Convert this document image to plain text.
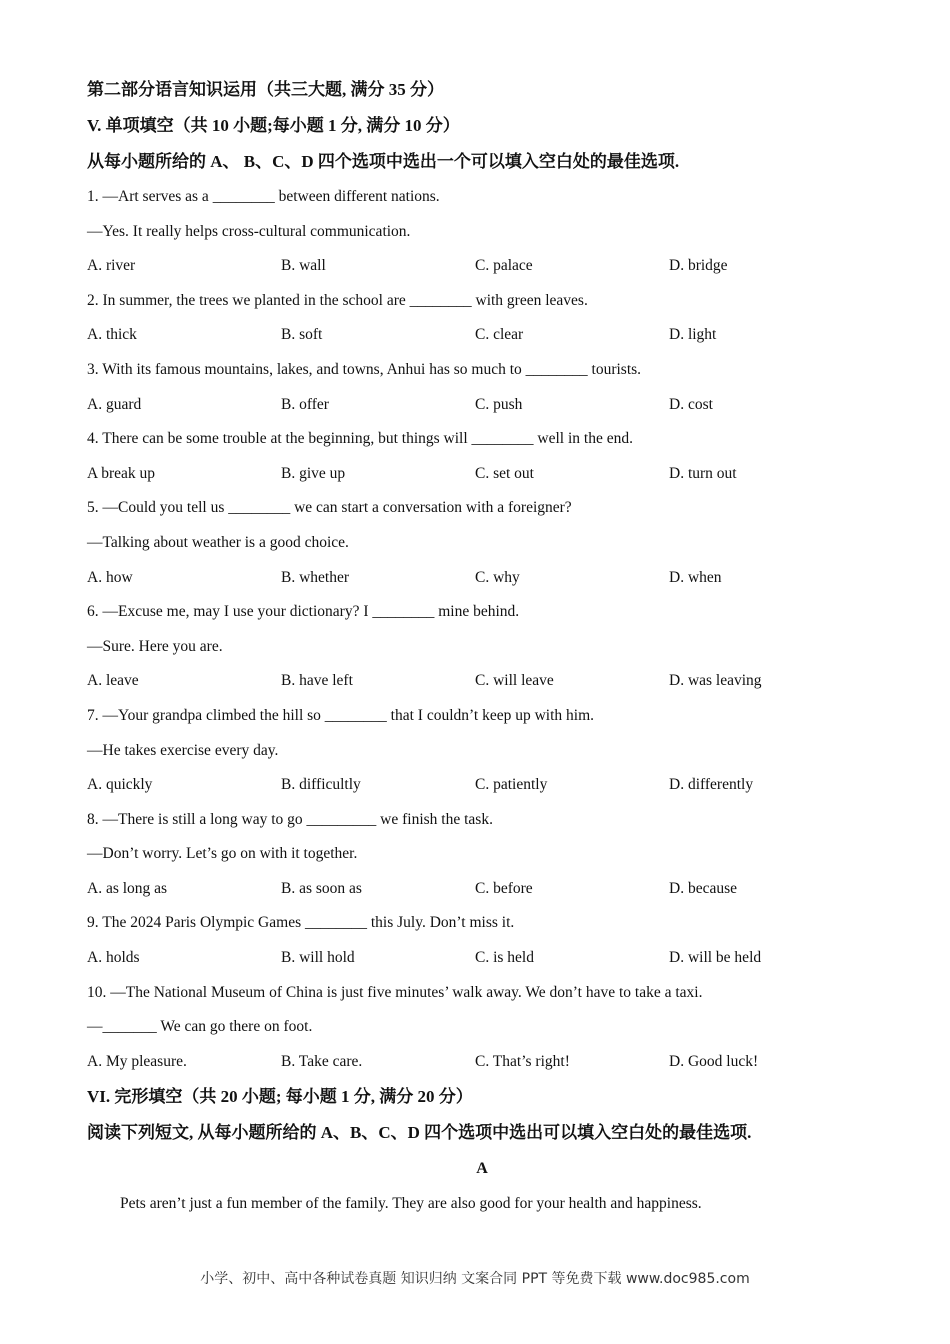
第二部分语言知识运用（共三大题, 满分 35 分）
V. 单项填空（共 10 小题;每小题 1 分, 满分 10 分）
从每小题所给的 A、 B、C、D 四个选项中选出一个可以填入空白处的最佳选项.
1. —Art serves as a ________ between different nations.
—Yes. It really helps cross-cultural communication.
A. river	B. wall	C. palace	D. bridge
2. In summer, the trees we planted in the school are ________ with green leaves.
A. thick	B. soft	C. clear	D. light
3. With its famous mountains, lakes, and towns, Anhui has so much to ________ tourists.
A. guard	B. offer	C. push	D. cost
4. There can be some trouble at the beginning, but things will ________ well in the end.
A break up	B. give up	C. set out	D. turn out
5. —Could you tell us ________ we can start a conversation with a foreigner?
—Talking about weather is a good choice.
A. how	B. whether	C. why	D. when
6. —Excuse me, may I use your dictionary? I ________ mine behind.
—Sure. Here you are.
A. leave	B. have left	C. will leave	D. was leaving
7. —Your grandpa climbed the hill so ________ that I couldn’t keep up with him.
—He takes exercise every day.
A. quickly	B. difficultly	C. patiently	D. differently
8. —There is still a long way to go _________ we finish the task.
—Don’t worry. Let’s go on with it together.
A. as long as	B. as soon as	C. before	D. because
9. The 2024 Paris Olympic Games ________ this July. Don’t miss it.
A. holds	B. will hold	C. is held	D. will be held
10. —The National Museum of China is just five minutes’ walk away. We don’t have to take a taxi.
—_______ We can go there on foot.
A. My pleasure.	B. Take care.	C. That’s right!	D. Good luck!
VI. 完形填空（共 20 小题; 每小题 1 分, 满分 20 分）
阅读下列短文, 从每小题所给的 A、B、C、D 四个选项中选出可以填入空白处的最佳选项.
A
Pets aren’t just a fun member of the family. They are also good for your health and happiness.
小学、初中、高中各种试卷真题 知识归纳 文案合同 PPT 等免费下载 www.doc985.com
